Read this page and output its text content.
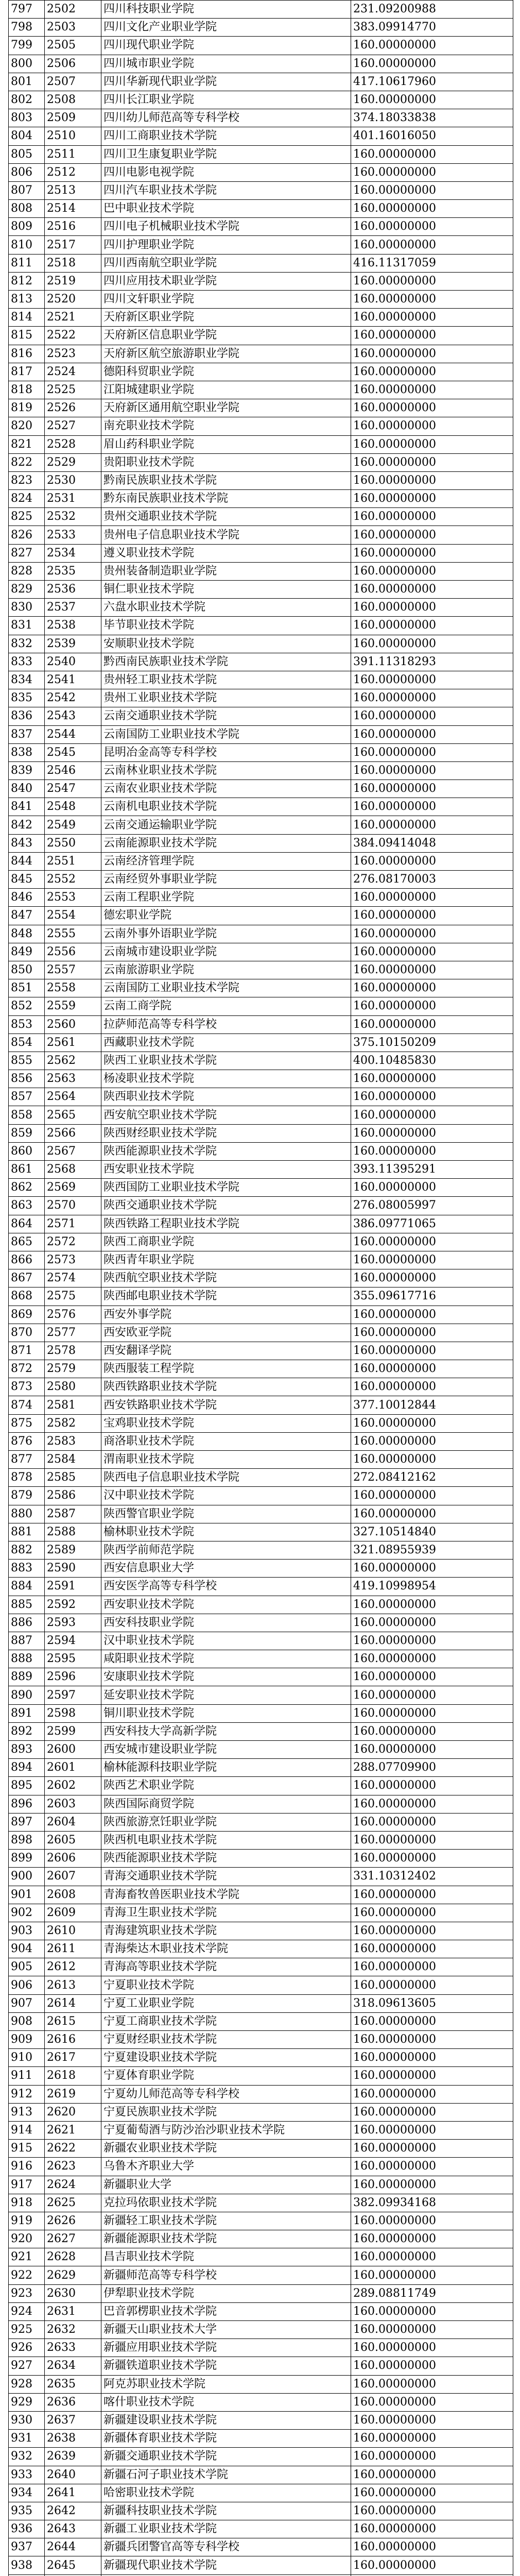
797	2502	四川科技职业学院	231.09200988
798	2503	四川文化产业职业学院	383.09914770
799	2505	四川现代职业学院	160.00000000
800	2506	四川城市职业学院	160.00000000
801	2507	四川华新现代职业学院	417.10617960
802	2508	四川长江职业学院	160.00000000
803	2509	四川幼儿师范高等专科学校	374.18033838
804	2510	四川工商职业技术学院	401.16016050
805	2511	四川卫生康复职业学院	160.00000000
806	2512	四川电影电视学院	160.00000000
807	2513	四川汽车职业技术学院	160.00000000
808	2514	巴中职业技术学院	160.00000000
809	2516	四川电子机械职业技术学院	160.00000000
810	2517	四川护理职业学院	160.00000000
811	2518	四川西南航空职业学院	416.11317059
812	2519	四川应用技术职业学院	160.00000000
813	2520	四川文轩职业学院	160.00000000
814	2521	天府新区职业学院	160.00000000
815	2522	天府新区信息职业学院	160.00000000
816	2523	天府新区航空旅游职业学院	160.00000000
817	2524	德阳科贸职业学院	160.00000000
818	2525	江阳城建职业学院	160.00000000
819	2526	天府新区通用航空职业学院	160.00000000
820	2527	南充职业技术学院	160.00000000
821	2528	眉山药科职业学院	160.00000000
822	2529	贵阳职业技术学院	160.00000000
823	2530	黔南民族职业技术学院	160.00000000
824	2531	黔东南民族职业技术学院	160.00000000
825	2532	贵州交通职业技术学院	160.00000000
826	2533	贵州电子信息职业技术学院	160.00000000
827	2534	遵义职业技术学院	160.00000000
828	2535	贵州装备制造职业学院	160.00000000
829	2536	铜仁职业技术学院	160.00000000
830	2537	六盘水职业技术学院	160.00000000
831	2538	毕节职业技术学院	160.00000000
832	2539	安顺职业技术学院	160.00000000
833	2540	黔西南民族职业技术学院	391.11318293
834	2541	贵州轻工职业技术学院	160.00000000
835	2542	贵州工业职业技术学院	160.00000000
836	2543	云南交通职业技术学院	160.00000000
837	2544	云南国防工业职业技术学院	160.00000000
838	2545	昆明冶金高等专科学校	160.00000000
839	2546	云南林业职业技术学院	160.00000000
840	2547	云南农业职业技术学院	160.00000000
841	2548	云南机电职业技术学院	160.00000000
842	2549	云南交通运输职业学院	160.00000000
843	2550	云南能源职业技术学院	384.09414048
844	2551	云南经济管理学院	160.00000000
845	2552	云南经贸外事职业学院	276.08170003
846	2553	云南工程职业学院	160.00000000
847	2554	德宏职业学院	160.00000000
848	2555	云南外事外语职业学院	160.00000000
849	2556	云南城市建设职业学院	160.00000000
850	2557	云南旅游职业学院	160.00000000
851	2558	云南国防工业职业技术学院	160.00000000
852	2559	云南工商学院	160.00000000
853	2560	拉萨师范高等专科学校	160.00000000
854	2561	西藏职业技术学院	375.10150209
855	2562	陕西工业职业技术学院	400.10485830
856	2563	杨凌职业技术学院	160.00000000
857	2564	陕西职业技术学院	160.00000000
858	2565	西安航空职业技术学院	160.00000000
859	2566	陕西财经职业技术学院	160.00000000
860	2567	陕西能源职业技术学院	160.00000000
861	2568	西安职业技术学院	393.11395291
862	2569	陕西国防工业职业技术学院	160.00000000
863	2570	陕西交通职业技术学院	276.08005997
864	2571	陕西铁路工程职业技术学院	386.09771065
865	2572	陕西工商职业学院	160.00000000
866	2573	陕西青年职业学院	160.00000000
867	2574	陕西航空职业技术学院	160.00000000
868	2575	陕西邮电职业技术学院	355.09617716
869	2576	西安外事学院	160.00000000
870	2577	西安欧亚学院	160.00000000
871	2578	西安翻译学院	160.00000000
872	2579	陕西服装工程学院	160.00000000
873	2580	陕西铁路职业技术学院	160.00000000
874	2581	西安铁路职业技术学院	377.10012844
875	2582	宝鸡职业技术学院	160.00000000
876	2583	商洛职业技术学院	160.00000000
877	2584	渭南职业技术学院	160.00000000
878	2585	陕西电子信息职业技术学院	272.08412162
879	2586	汉中职业技术学院	160.00000000
880	2587	陕西警官职业学院	160.00000000
881	2588	榆林职业技术学院	327.10514840
882	2589	陕西学前师范学院	321.08955939
883	2590	西安信息职业大学	160.00000000
884	2591	西安医学高等专科学校	419.10998954
885	2592	西安职业技术学院	160.00000000
886	2593	西安科技职业学院	160.00000000
887	2594	汉中职业技术学院	160.00000000
888	2595	咸阳职业技术学院	160.00000000
889	2596	安康职业技术学院	160.00000000
890	2597	延安职业技术学院	160.00000000
891	2598	铜川职业技术学院	160.00000000
892	2599	西安科技大学高新学院	160.00000000
893	2600	西安城市建设职业学院	160.00000000
894	2601	榆林能源科技职业学院	288.07709900
895	2602	陕西艺术职业学院	160.00000000
896	2603	陕西国际商贸学院	160.00000000
897	2604	陕西旅游烹饪职业学院	160.00000000
898	2605	陕西机电职业技术学院	160.00000000
899	2606	陕西能源职业技术学院	160.00000000
900	2607	青海交通职业技术学院	331.10312402
901	2608	青海畜牧兽医职业技术学院	160.00000000
902	2609	青海卫生职业技术学院	160.00000000
903	2610	青海建筑职业技术学院	160.00000000
904	2611	青海柴达木职业技术学院	160.00000000
905	2612	青海高等职业技术学院	160.00000000
906	2613	宁夏职业技术学院	160.00000000
907	2614	宁夏工业职业学院	318.09613605
908	2615	宁夏工商职业技术学院	160.00000000
909	2616	宁夏财经职业技术学院	160.00000000
910	2617	宁夏建设职业技术学院	160.00000000
911	2618	宁夏体育职业学院	160.00000000
912	2619	宁夏幼儿师范高等专科学校	160.00000000
913	2620	宁夏民族职业技术学院	160.00000000
914	2621	宁夏葡萄酒与防沙治沙职业技术学院	160.00000000
915	2622	新疆农业职业技术学院	160.00000000
916	2623	乌鲁木齐职业大学	160.00000000
917	2624	新疆职业大学	160.00000000
918	2625	克拉玛依职业技术学院	382.09934168
919	2626	新疆轻工职业技术学院	160.00000000
920	2627	新疆能源职业技术学院	160.00000000
921	2628	昌吉职业技术学院	160.00000000
922	2629	新疆师范高等专科学校	160.00000000
923	2630	伊犁职业技术学院	289.08811749
924	2631	巴音郭楞职业技术学院	160.00000000
925	2632	新疆天山职业技术大学	160.00000000
926	2633	新疆应用职业技术学院	160.00000000
927	2634	新疆铁道职业技术学院	160.00000000
928	2635	阿克苏职业技术学院	160.00000000
929	2636	喀什职业技术学院	160.00000000
930	2637	新疆建设职业技术学院	160.00000000
931	2638	新疆体育职业技术学院	160.00000000
932	2639	新疆交通职业技术学院	160.00000000
933	2640	新疆石河子职业技术学院	160.00000000
934	2641	哈密职业技术学院	160.00000000
935	2642	新疆科技职业技术学院	160.00000000
936	2643	新疆工业职业技术学院	160.00000000
937	2644	新疆兵团警官高等专科学校	160.00000000
938	2645	新疆现代职业技术学院	160.00000000
